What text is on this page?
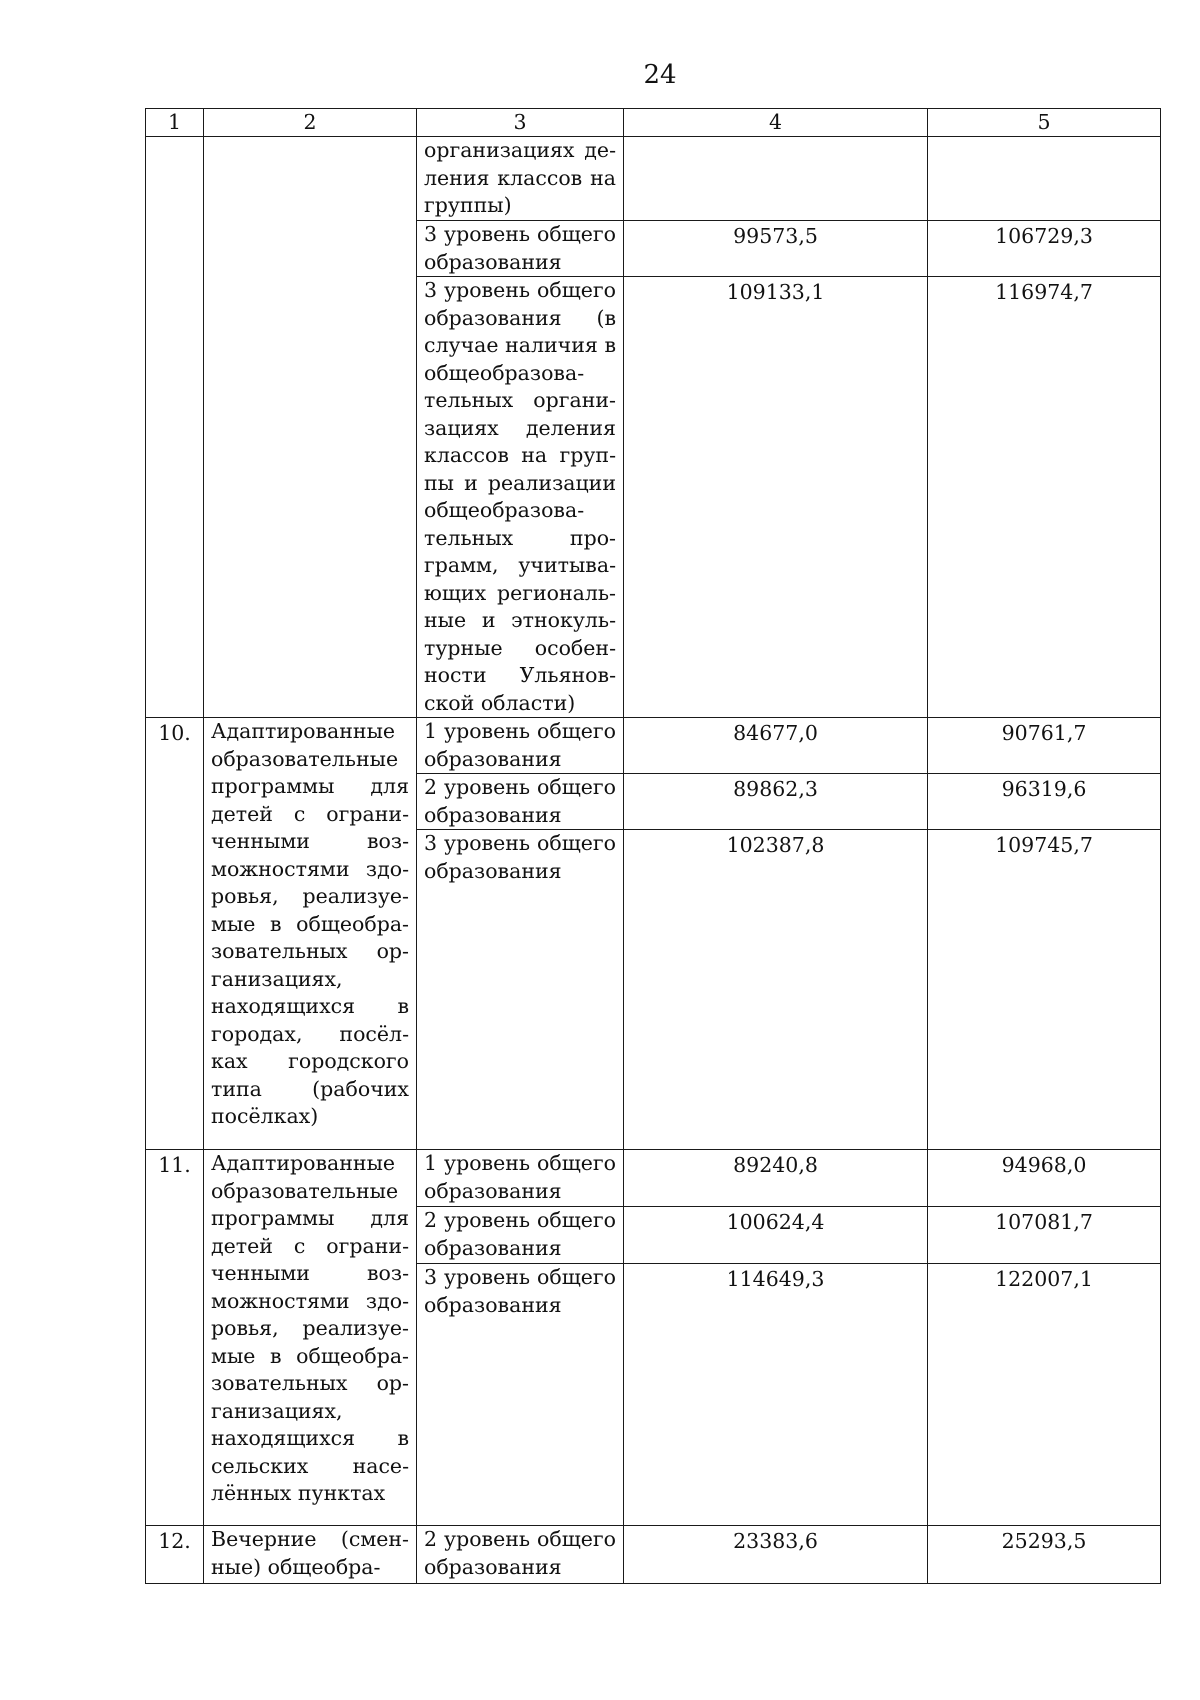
24
1	2	3	4	5
		организациях де- ления классов на группы)		
		3 уровень общего образования	99573,5	106729,3
		3 уровень общего образования (в случае наличия в общеобразова- тельных органи- зациях деления классов на груп- пы и реализации общеобразова- тельных про- грамм, учитыва- ющих региональ- ные и этнокуль- турные особен- ности Ульянов- ской области)	109133,1	116974,7
10.	Адаптированные образовательные программы для детей с ограни- ченными воз- можностями здо- ровья, реализуе- мые в общеобра- зовательных ор- ганизациях, находящихся в городах, посёл- ках городского типа (рабочих посёлках)	1 уровень общего образования	84677,0	90761,7
		2 уровень общего образования	89862,3	96319,6
		3 уровень общего образования	102387,8	109745,7
11.	Адаптированные образовательные программы для детей с ограни- ченными воз- можностями здо- ровья, реализуе- мые в общеобра- зовательных ор- ганизациях, находящихся в сельских насе- лённых пунктах	1 уровень общего образования	89240,8	94968,0
		2 уровень общего образования	100624,4	107081,7
		3 уровень общего образования	114649,3	122007,1
12.	Вечерние (смен- ные) общеобра-	2 уровень общего образования	23383,6	25293,5
